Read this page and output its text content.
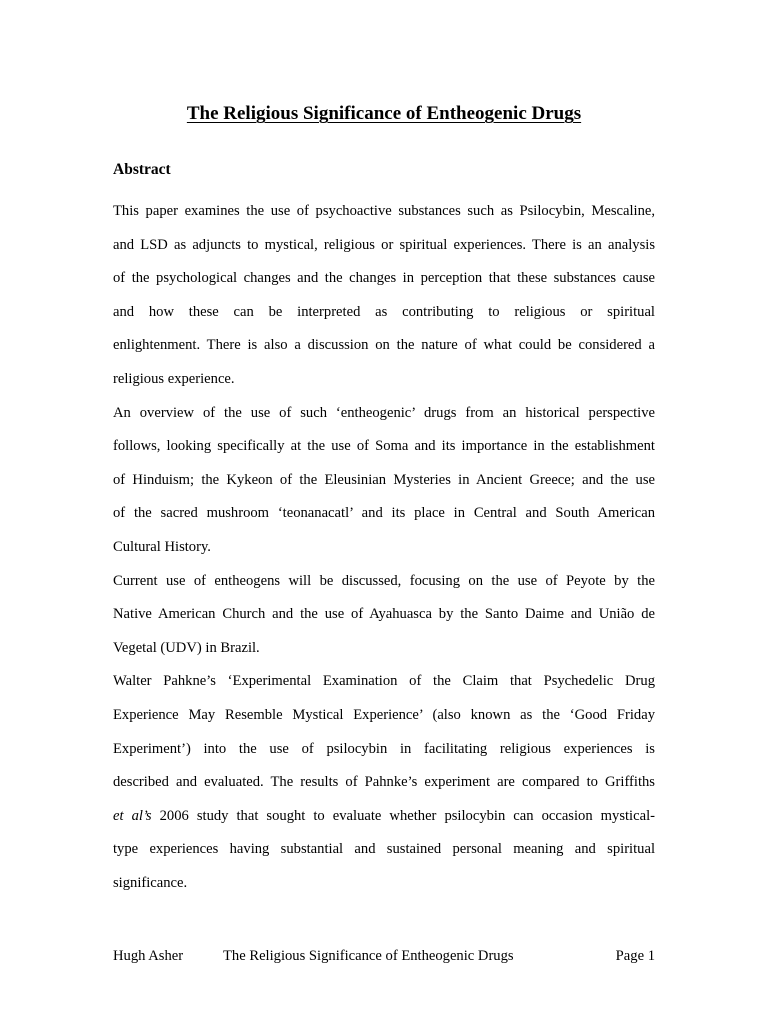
The Religious Significance of Entheogenic Drugs
Abstract
This paper examines the use of psychoactive substances such as Psilocybin, Mescaline,
and LSD as adjuncts to mystical, religious or spiritual experiences. There is an analysis
of the psychological changes and the changes in perception that these substances cause
and how these can be interpreted as contributing to religious or spiritual
enlightenment. There is also a discussion on the nature of what could be considered a
religious experience.
An overview of the use of such ‘entheogenic’ drugs from an historical perspective
follows, looking specifically at the use of Soma and its importance in the establishment
of Hinduism; the Kykeon of the Eleusinian Mysteries in Ancient Greece; and the use
of the sacred mushroom ‘teonanacatl’ and its place in Central and South American
Cultural History.
Current use of entheogens will be discussed, focusing on the use of Peyote by the
Native American Church and the use of Ayahuasca by the Santo Daime and União de
Vegetal (UDV) in Brazil.
Walter Pahkne’s ‘Experimental Examination of the Claim that Psychedelic Drug
Experience May Resemble Mystical Experience’ (also known as the ‘Good Friday
Experiment’) into the use of psilocybin in facilitating religious experiences is
described and evaluated. The results of Pahnke’s experiment are compared to Griffiths
et al’s 2006 study that sought to evaluate whether psilocybin can occasion mystical-
type experiences having substantial and sustained personal meaning and spiritual
significance.
Hugh Asher	The Religious Significance of Entheogenic Drugs	Page 1
